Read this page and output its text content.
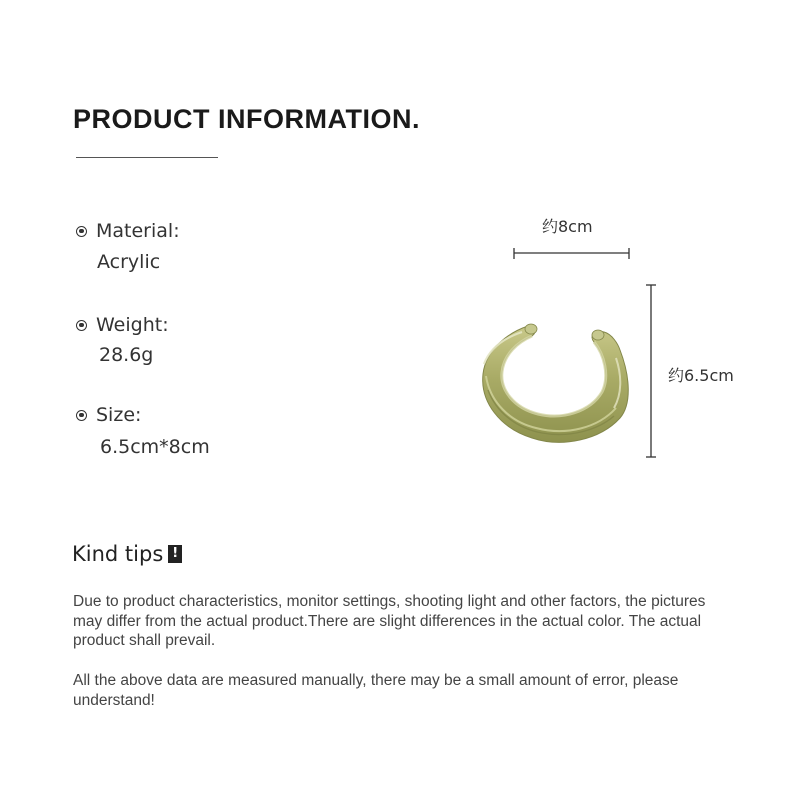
PRODUCT INFORMATION.
Material:
Acrylic
Weight:
28.6g
Size:
6.5cm*8cm
约8cm
约6.5cm
Kind tips !

Due to product characteristics, monitor settings, shooting light and other factors, the pictures may differ from the actual product.There are slight differences in the actual color. The actual product shall prevail.

All the above data are measured manually, there may be a small amount of error, please understand!
